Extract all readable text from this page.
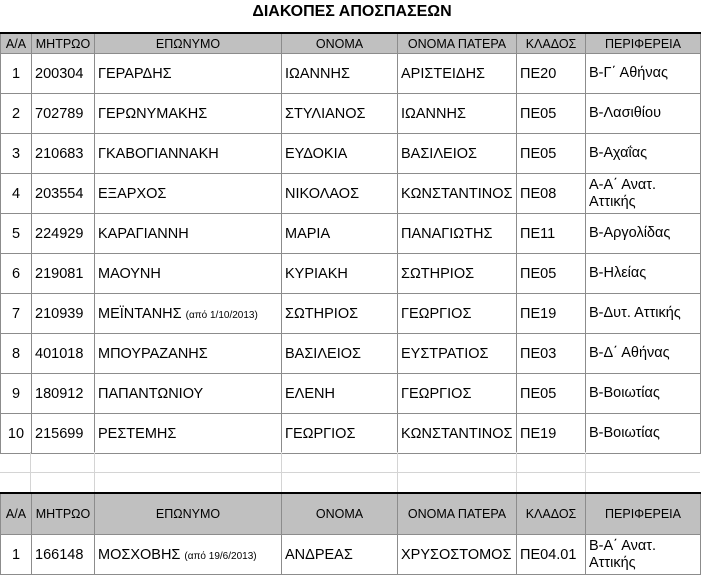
ΔΙΑΚΟΠΕΣ ΑΠΟΣΠΑΣΕΩΝ
Α/Α	ΜΗΤΡΩΟ	ΕΠΩΝΥΜΟ	ΟΝΟΜΑ	ΟΝΟΜΑ ΠΑΤΕΡΑ	ΚΛΑΔΟΣ	ΠΕΡΙΦΕΡΕΙΑ
1	200304	ΓΕΡΑΡΔΗΣ	ΙΩΑΝΝΗΣ	ΑΡΙΣΤΕΙΔΗΣ	ΠΕ20	Β-Γ΄ Αθήνας
2	702789	ΓΕΡΩΝΥΜΑΚΗΣ	ΣΤΥΛΙΑΝΟΣ	ΙΩΑΝΝΗΣ	ΠΕ05	Β-Λασιθίου
3	210683	ΓΚΑΒΟΓΙΑΝΝΑΚΗ	ΕΥΔΟΚΙΑ	ΒΑΣΙΛΕΙΟΣ	ΠΕ05	Β-Αχαΐας
4	203554	ΕΞΑΡΧΟΣ	ΝΙΚΟΛΑΟΣ	ΚΩΝΣΤΑΝΤΙΝΟΣ	ΠΕ08	Α-Α΄ Ανατ. Αττικής
5	224929	ΚΑΡΑΓΙΑΝΝΗ	ΜΑΡΙΑ	ΠΑΝΑΓΙΩΤΗΣ	ΠΕ11	Β-Αργολίδας
6	219081	ΜΑΟΥΝΗ	ΚΥΡΙΑΚΗ	ΣΩΤΗΡΙΟΣ	ΠΕ05	Β-Ηλείας
7	210939	ΜΕΪΝΤΑΝΗΣ (από 1/10/2013)	ΣΩΤΗΡΙΟΣ	ΓΕΩΡΓΙΟΣ	ΠΕ19	Β-Δυτ. Αττικής
8	401018	ΜΠΟΥΡΑΖΑΝΗΣ	ΒΑΣΙΛΕΙΟΣ	ΕΥΣΤΡΑΤΙΟΣ	ΠΕ03	Β-Δ΄ Αθήνας
9	180912	ΠΑΠΑΝΤΩΝΙΟΥ	ΕΛΕΝΗ	ΓΕΩΡΓΙΟΣ	ΠΕ05	Β-Βοιωτίας
10	215699	ΡΕΣΤΕΜΗΣ	ΓΕΩΡΓΙΟΣ	ΚΩΝΣΤΑΝΤΙΝΟΣ	ΠΕ19	Β-Βοιωτίας
Α/Α	ΜΗΤΡΩΟ	ΕΠΩΝΥΜΟ	ΟΝΟΜΑ	ΟΝΟΜΑ ΠΑΤΕΡΑ	ΚΛΑΔΟΣ	ΠΕΡΙΦΕΡΕΙΑ
1	166148	ΜΟΣΧΟΒΗΣ (από 19/6/2013)	ΑΝΔΡΕΑΣ	ΧΡΥΣΟΣΤΟΜΟΣ	ΠΕ04.01	Β-Α΄ Ανατ. Αττικής
